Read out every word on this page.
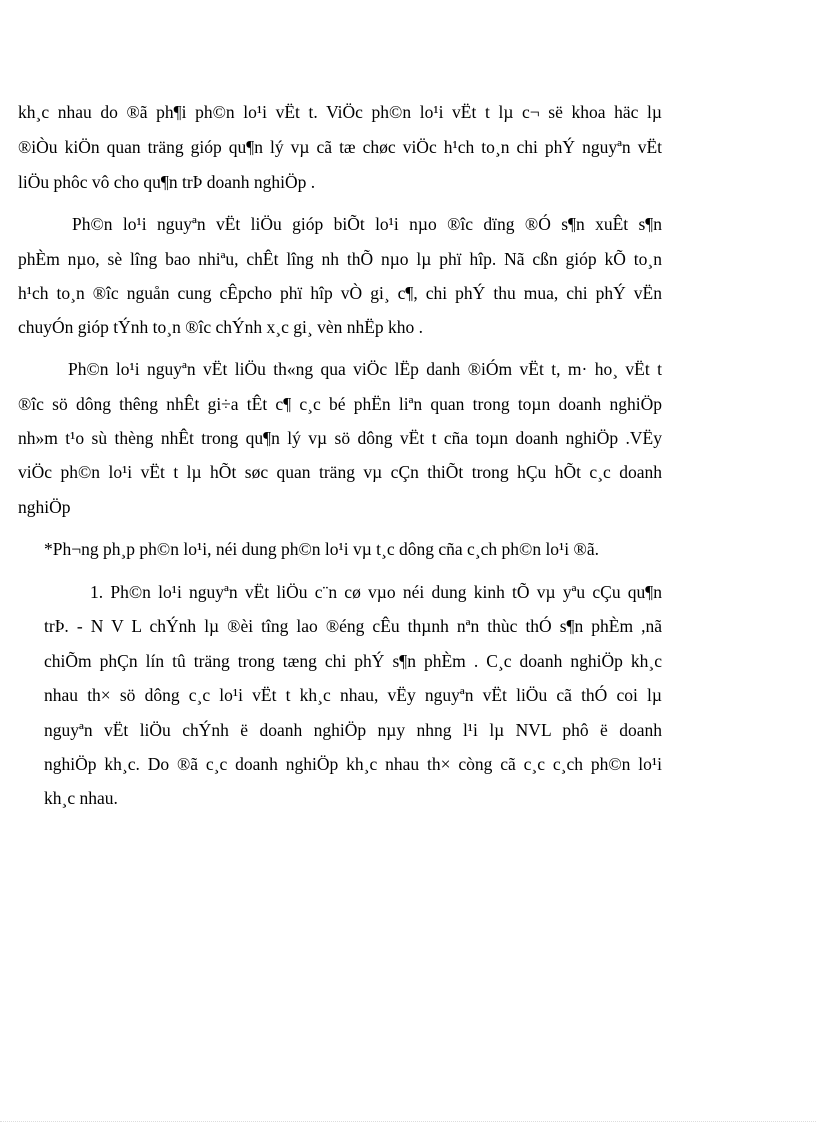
kh¸c nhau do ®ã ph¶i ph©n lo¹i vËt t. ViÖc ph©n lo¹i vËt t lµ c¬ së khoa häc lµ
®iÒu kiÖn quan träng gióp qu¶n lý vµ cã tæ chøc viÖc h¹ch to¸n chi phÝ nguyªn vËt
liÖu phôc vô cho qu¶n trÞ doanh nghiÖp .
Ph©n lo¹i nguyªn vËt liÖu gióp biÕt lo¹i nµo ®îc dïng ®Ó s¶n xuÊt s¶n
phÈm nµo, sè lîng bao nhiªu, chÊt lîng nh thÕ nµo lµ phï hîp. Nã cßn gióp kÕ to¸n
h¹ch to¸n ®îc nguån cung cÊpcho phï hîp vÒ gi¸ c¶, chi phÝ thu mua, chi phÝ vËn
chuyÓn gióp tÝnh to¸n ®îc chÝnh x¸c gi¸ vèn nhËp kho .
Ph©n lo¹i nguyªn vËt liÖu th«ng qua viÖc lËp danh ®iÓm vËt t, m· ho¸ vËt t
®îc sö dông thêng nhÊt gi÷a tÊt c¶ c¸c bé phËn liªn quan trong toµn doanh nghiÖp
nh»m t¹o sù thèng nhÊt trong qu¶n lý vµ sö dông vËt t cña toµn doanh nghiÖp .VËy
viÖc ph©n lo¹i vËt t lµ hÕt søc quan träng vµ cÇn thiÕt trong hÇu hÕt c¸c doanh
nghiÖp
*Ph¬ng ph¸p ph©n lo¹i, néi dung ph©n lo¹i vµ t¸c dông cña c¸ch ph©n lo¹i ®ã.
1. Ph©n lo¹i nguyªn vËt liÖu c¨n cø vµo néi dung kinh tÕ vµ yªu cÇu qu¶n
trÞ. - N V L chÝnh lµ ®èi tîng lao ®éng cÊu thµnh nªn thùc thÓ s¶n phÈm ,nã
chiÕm phÇn lín tû träng trong tæng chi phÝ s¶n phÈm . C¸c doanh nghiÖp kh¸c
nhau th× sö dông c¸c lo¹i vËt t kh¸c nhau, vËy nguyªn vËt liÖu cã thÓ coi lµ
nguyªn vËt liÖu chÝnh ë doanh nghiÖp nµy nhng l¹i lµ NVL phô ë doanh
nghiÖp kh¸c. Do ®ã c¸c doanh nghiÖp kh¸c nhau th× còng cã c¸c c¸ch ph©n lo¹i
kh¸c nhau.
